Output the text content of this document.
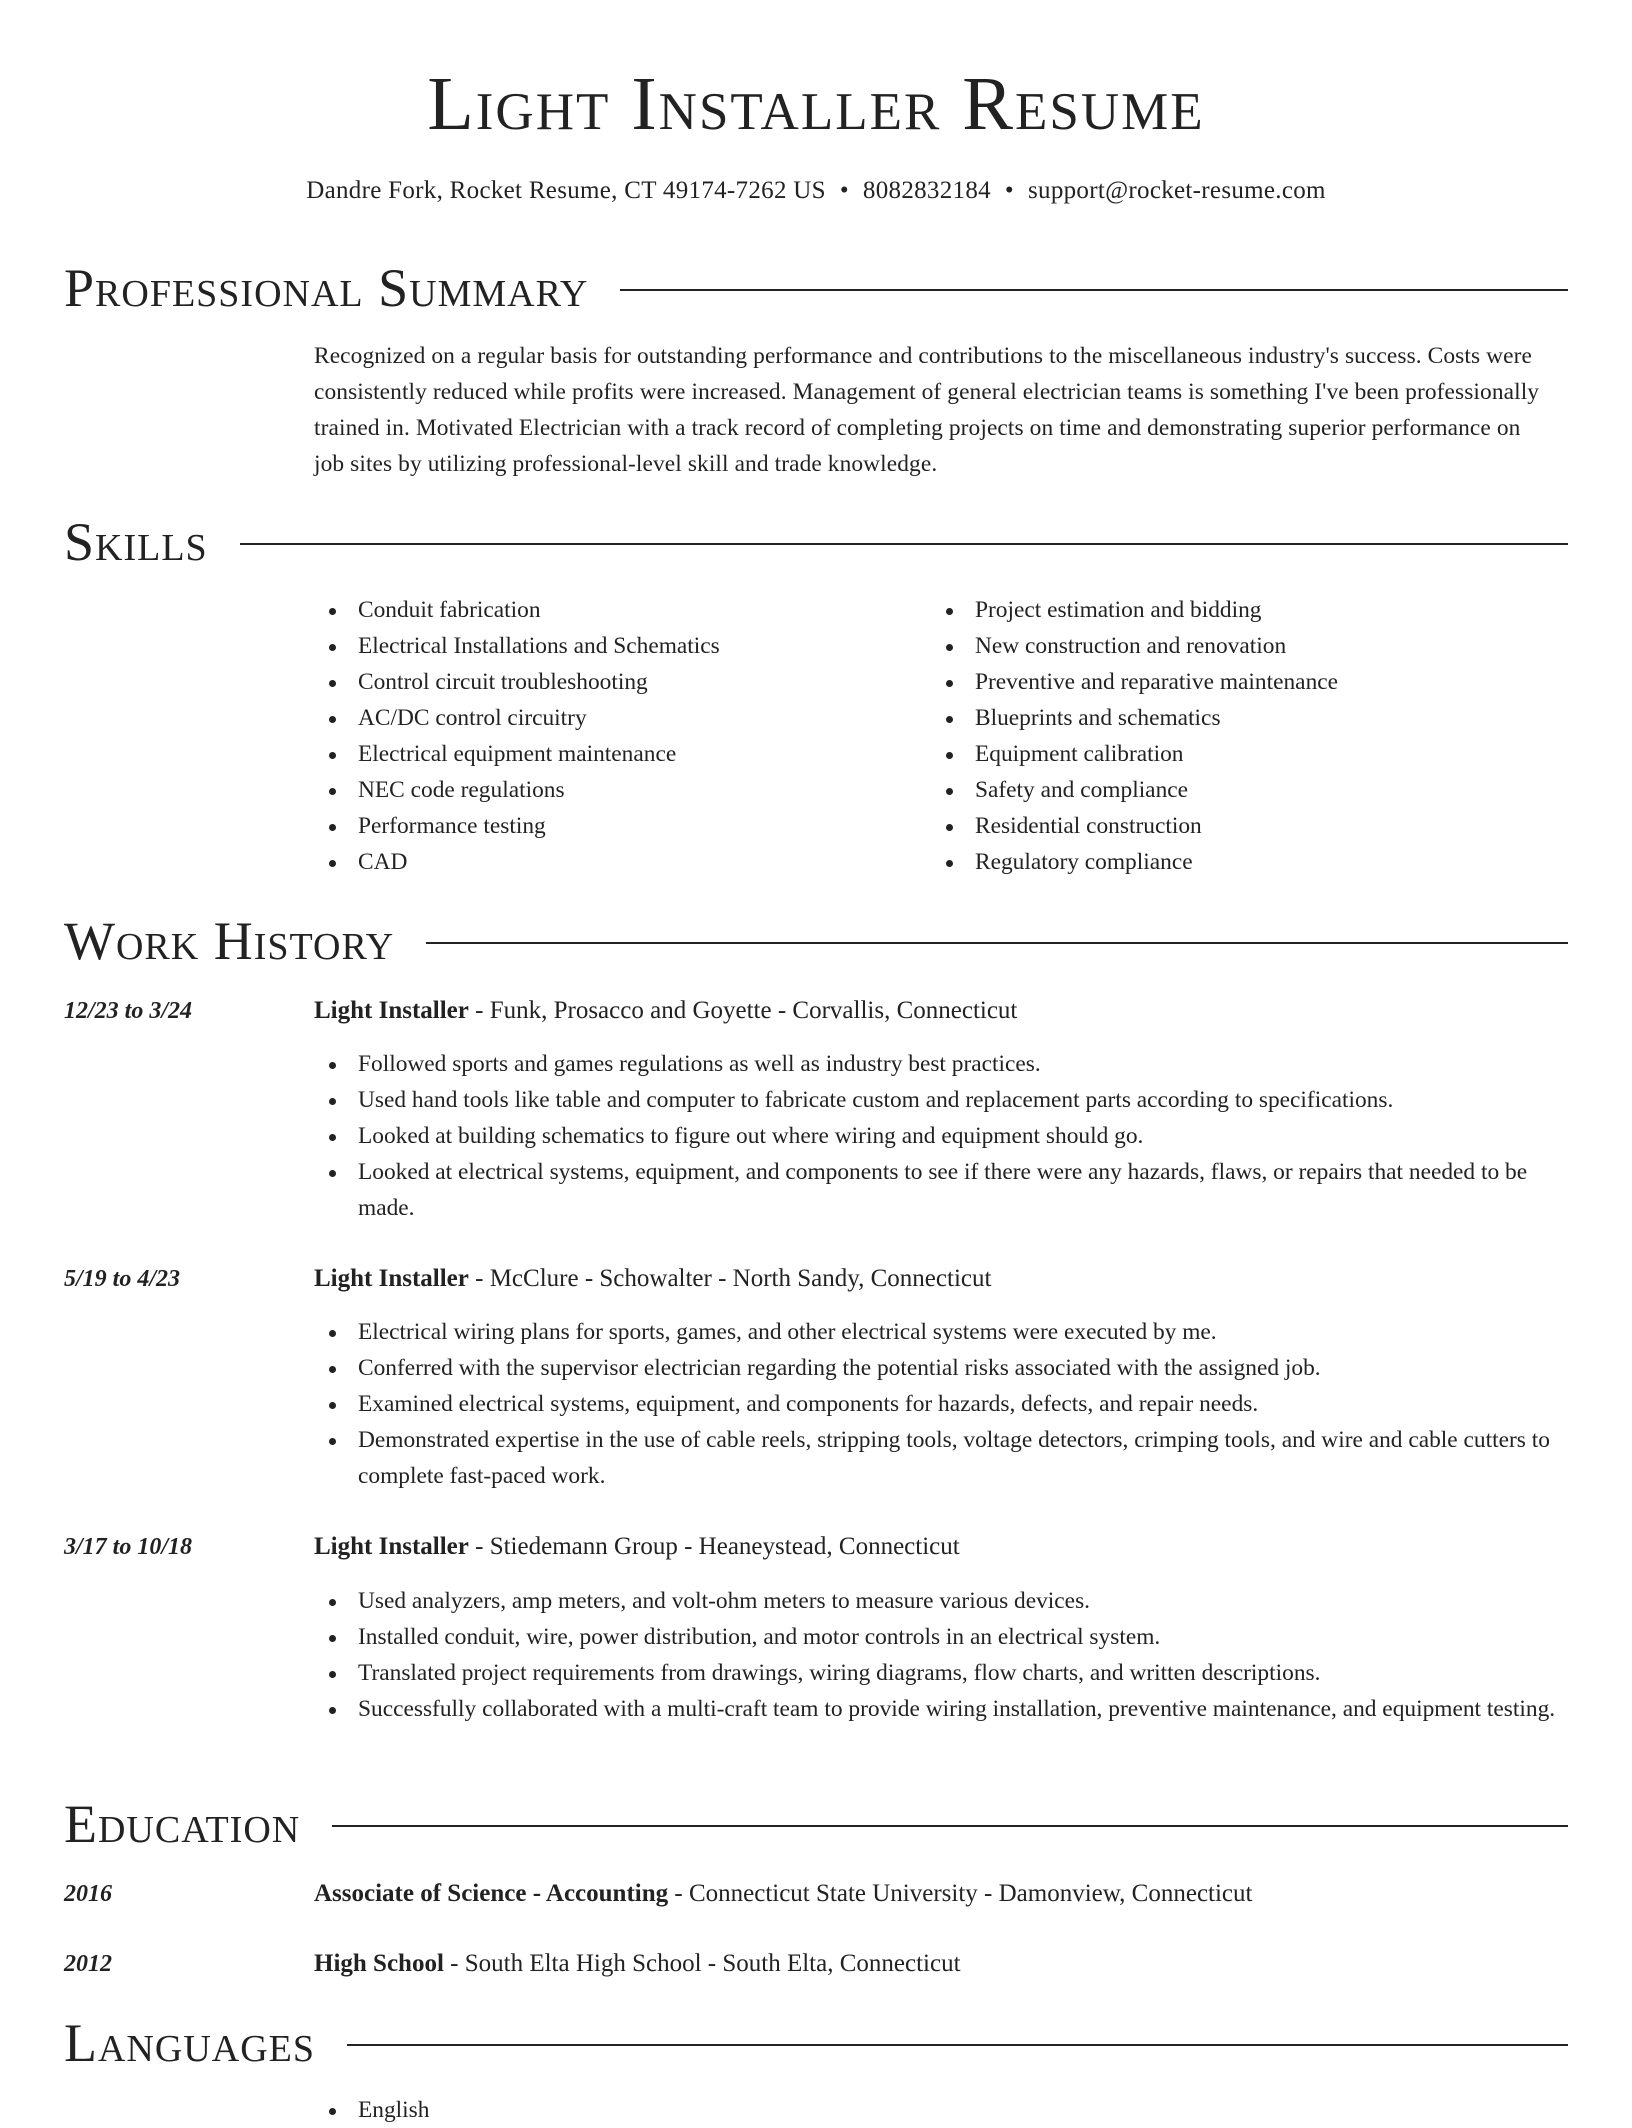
Light Installer Resume
Dandre Fork, Rocket Resume, CT 49174-7262 US • 8082832184 • support@rocket-resume.com
Professional Summary
Recognized on a regular basis for outstanding performance and contributions to the miscellaneous industry's success. Costs were consistently reduced while profits were increased. Management of general electrician teams is something I've been professionally trained in. Motivated Electrician with a track record of completing projects on time and demonstrating superior performance on job sites by utilizing professional-level skill and trade knowledge.
Skills
Conduit fabrication
Electrical Installations and Schematics
Control circuit troubleshooting
AC/DC control circuitry
Electrical equipment maintenance
NEC code regulations
Performance testing
CAD
Project estimation and bidding
New construction and renovation
Preventive and reparative maintenance
Blueprints and schematics
Equipment calibration
Safety and compliance
Residential construction
Regulatory compliance
Work History
12/23 to 3/24	Light Installer - Funk, Prosacco and Goyette - Corvallis, Connecticut
Followed sports and games regulations as well as industry best practices.
Used hand tools like table and computer to fabricate custom and replacement parts according to specifications.
Looked at building schematics to figure out where wiring and equipment should go.
Looked at electrical systems, equipment, and components to see if there were any hazards, flaws, or repairs that needed to be made.
5/19 to 4/23	Light Installer - McClure - Schowalter - North Sandy, Connecticut
Electrical wiring plans for sports, games, and other electrical systems were executed by me.
Conferred with the supervisor electrician regarding the potential risks associated with the assigned job.
Examined electrical systems, equipment, and components for hazards, defects, and repair needs.
Demonstrated expertise in the use of cable reels, stripping tools, voltage detectors, crimping tools, and wire and cable cutters to complete fast-paced work.
3/17 to 10/18	Light Installer - Stiedemann Group - Heaneystead, Connecticut
Used analyzers, amp meters, and volt-ohm meters to measure various devices.
Installed conduit, wire, power distribution, and motor controls in an electrical system.
Translated project requirements from drawings, wiring diagrams, flow charts, and written descriptions.
Successfully collaborated with a multi-craft team to provide wiring installation, preventive maintenance, and equipment testing.
Education
2016	Associate of Science - Accounting - Connecticut State University - Damonview, Connecticut
2012	High School - South Elta High School - South Elta, Connecticut
Languages
English
